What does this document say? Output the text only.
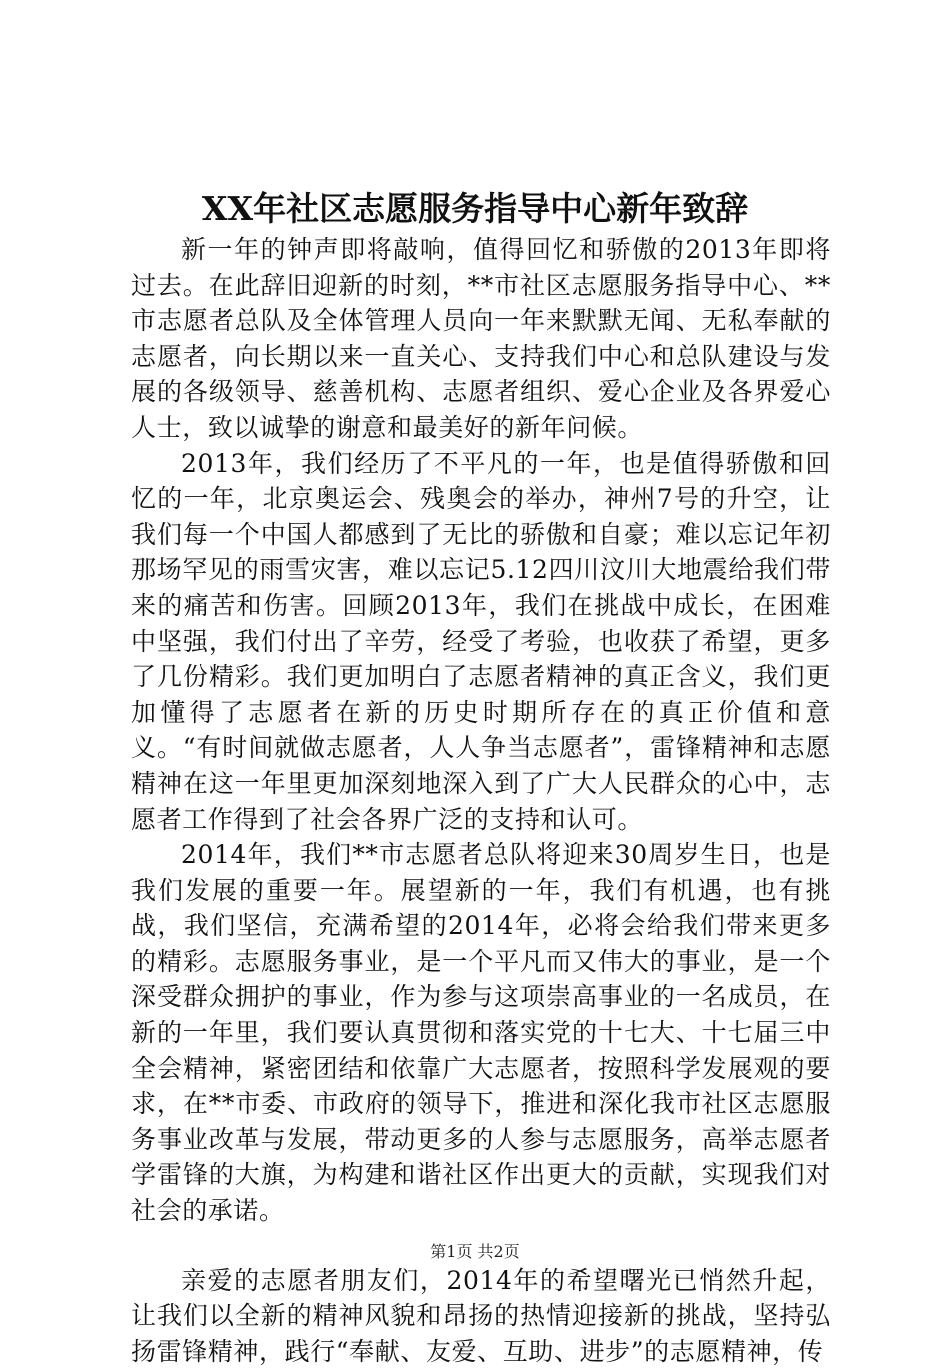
XX年社区志愿服务指导中心新年致辞

新一年的钟声即将敲响，值得回忆和骄傲的2013年即将过去。在此辞旧迎新的时刻，**市社区志愿服务指导中心、**市志愿者总队及全体管理人员向一年来默默无闻、无私奉献的志愿者，向长期以来一直关心、支持我们中心和总队建设与发展的各级领导、慈善机构、志愿者组织、爱心企业及各界爱心人士，致以诚挚的谢意和最美好的新年问候。

2013年，我们经历了不平凡的一年，也是值得骄傲和回忆的一年，北京奥运会、残奥会的举办，神州7号的升空，让我们每一个中国人都感到了无比的骄傲和自豪；难以忘记年初那场罕见的雨雪灾害，难以忘记5.12四川汶川大地震给我们带来的痛苦和伤害。回顾2013年，我们在挑战中成长，在困难中坚强，我们付出了辛劳，经受了考验，也收获了希望，更多了几份精彩。我们更加明白了志愿者精神的真正含义，我们更加懂得了志愿者在新的历史时期所存在的真正价值和意义。“有时间就做志愿者，人人争当志愿者”，雷锋精神和志愿精神在这一年里更加深刻地深入到了广大人民群众的心中，志愿者工作得到了社会各界广泛的支持和认可。

2014年，我们**市志愿者总队将迎来30周岁生日，也是我们发展的重要一年。展望新的一年，我们有机遇，也有挑战，我们坚信，充满希望的2014年，必将会给我们带来更多的精彩。志愿服务事业，是一个平凡而又伟大的事业，是一个深受群众拥护的事业，作为参与这项崇高事业的一名成员，在新的一年里，我们要认真贯彻和落实党的十七大、十七届三中全会精神，紧密团结和依靠广大志愿者，按照科学发展观的要求，在**市委、市政府的领导下，推进和深化我市社区志愿服务事业改革与发展，带动更多的人参与志愿服务，高举志愿者学雷锋的大旗，为构建和谐社区作出更大的贡献，实现我们对社会的承诺。

亲爱的志愿者朋友们，2014年的希望曙光已悄然升起，让我们以全新的精神风貌和昂扬的热情迎接新的挑战，坚持弘扬雷锋精神，践行“奉献、友爱、互助、进步”的志愿精神，传

第1页 共2页
